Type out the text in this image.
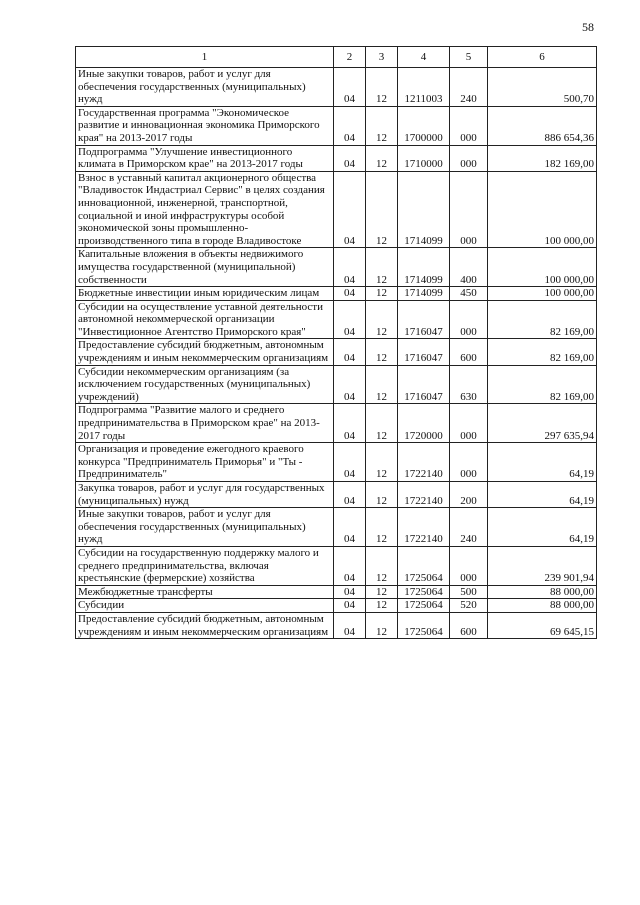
58
1	2	3	4	5	6
Иные закупки товаров, работ и услуг для обеспечения государственных (муниципальных) нужд	04	12	1211003	240	500,70
Государственная программа "Экономическое развитие и инновационная экономика Приморского края" на 2013-2017 годы	04	12	1700000	000	886 654,36
Подпрограмма "Улучшение инвестиционного климата в Приморском крае" на 2013-2017 годы	04	12	1710000	000	182 169,00
Взнос в уставный капитал акционерного общества "Владивосток Индастриал Сервис" в целях создания инновационной, инженерной, транспортной, социальной и иной инфраструктуры особой экономической зоны промышленно-производственного типа в городе Владивостоке	04	12	1714099	000	100 000,00
Капитальные вложения в объекты недвижимого имущества государственной (муниципальной) собственности	04	12	1714099	400	100 000,00
Бюджетные инвестиции иным юридическим лицам	04	12	1714099	450	100 000,00
Субсидии на осуществление уставной деятельности автономной некоммерческой организации "Инвестиционное Агентство Приморского края"	04	12	1716047	000	82 169,00
Предоставление субсидий бюджетным, автономным учреждениям и иным некоммерческим организациям	04	12	1716047	600	82 169,00
Субсидии некоммерческим организациям (за исключением государственных (муниципальных) учреждений)	04	12	1716047	630	82 169,00
Подпрограмма "Развитие малого и среднего предпринимательства в Приморском крае" на 2013-2017 годы	04	12	1720000	000	297 635,94
Организация и проведение ежегодного краевого конкурса "Предприниматель Приморья" и "Ты - Предприниматель"	04	12	1722140	000	64,19
Закупка товаров, работ и услуг для государственных (муниципальных) нужд	04	12	1722140	200	64,19
Иные закупки товаров, работ и услуг для обеспечения государственных (муниципальных) нужд	04	12	1722140	240	64,19
Субсидии на государственную поддержку малого и среднего предпринимательства, включая крестьянские (фермерские) хозяйства	04	12	1725064	000	239 901,94
Межбюджетные трансферты	04	12	1725064	500	88 000,00
Субсидии	04	12	1725064	520	88 000,00
Предоставление субсидий бюджетным, автономным учреждениям и иным некоммерческим организациям	04	12	1725064	600	69 645,15
